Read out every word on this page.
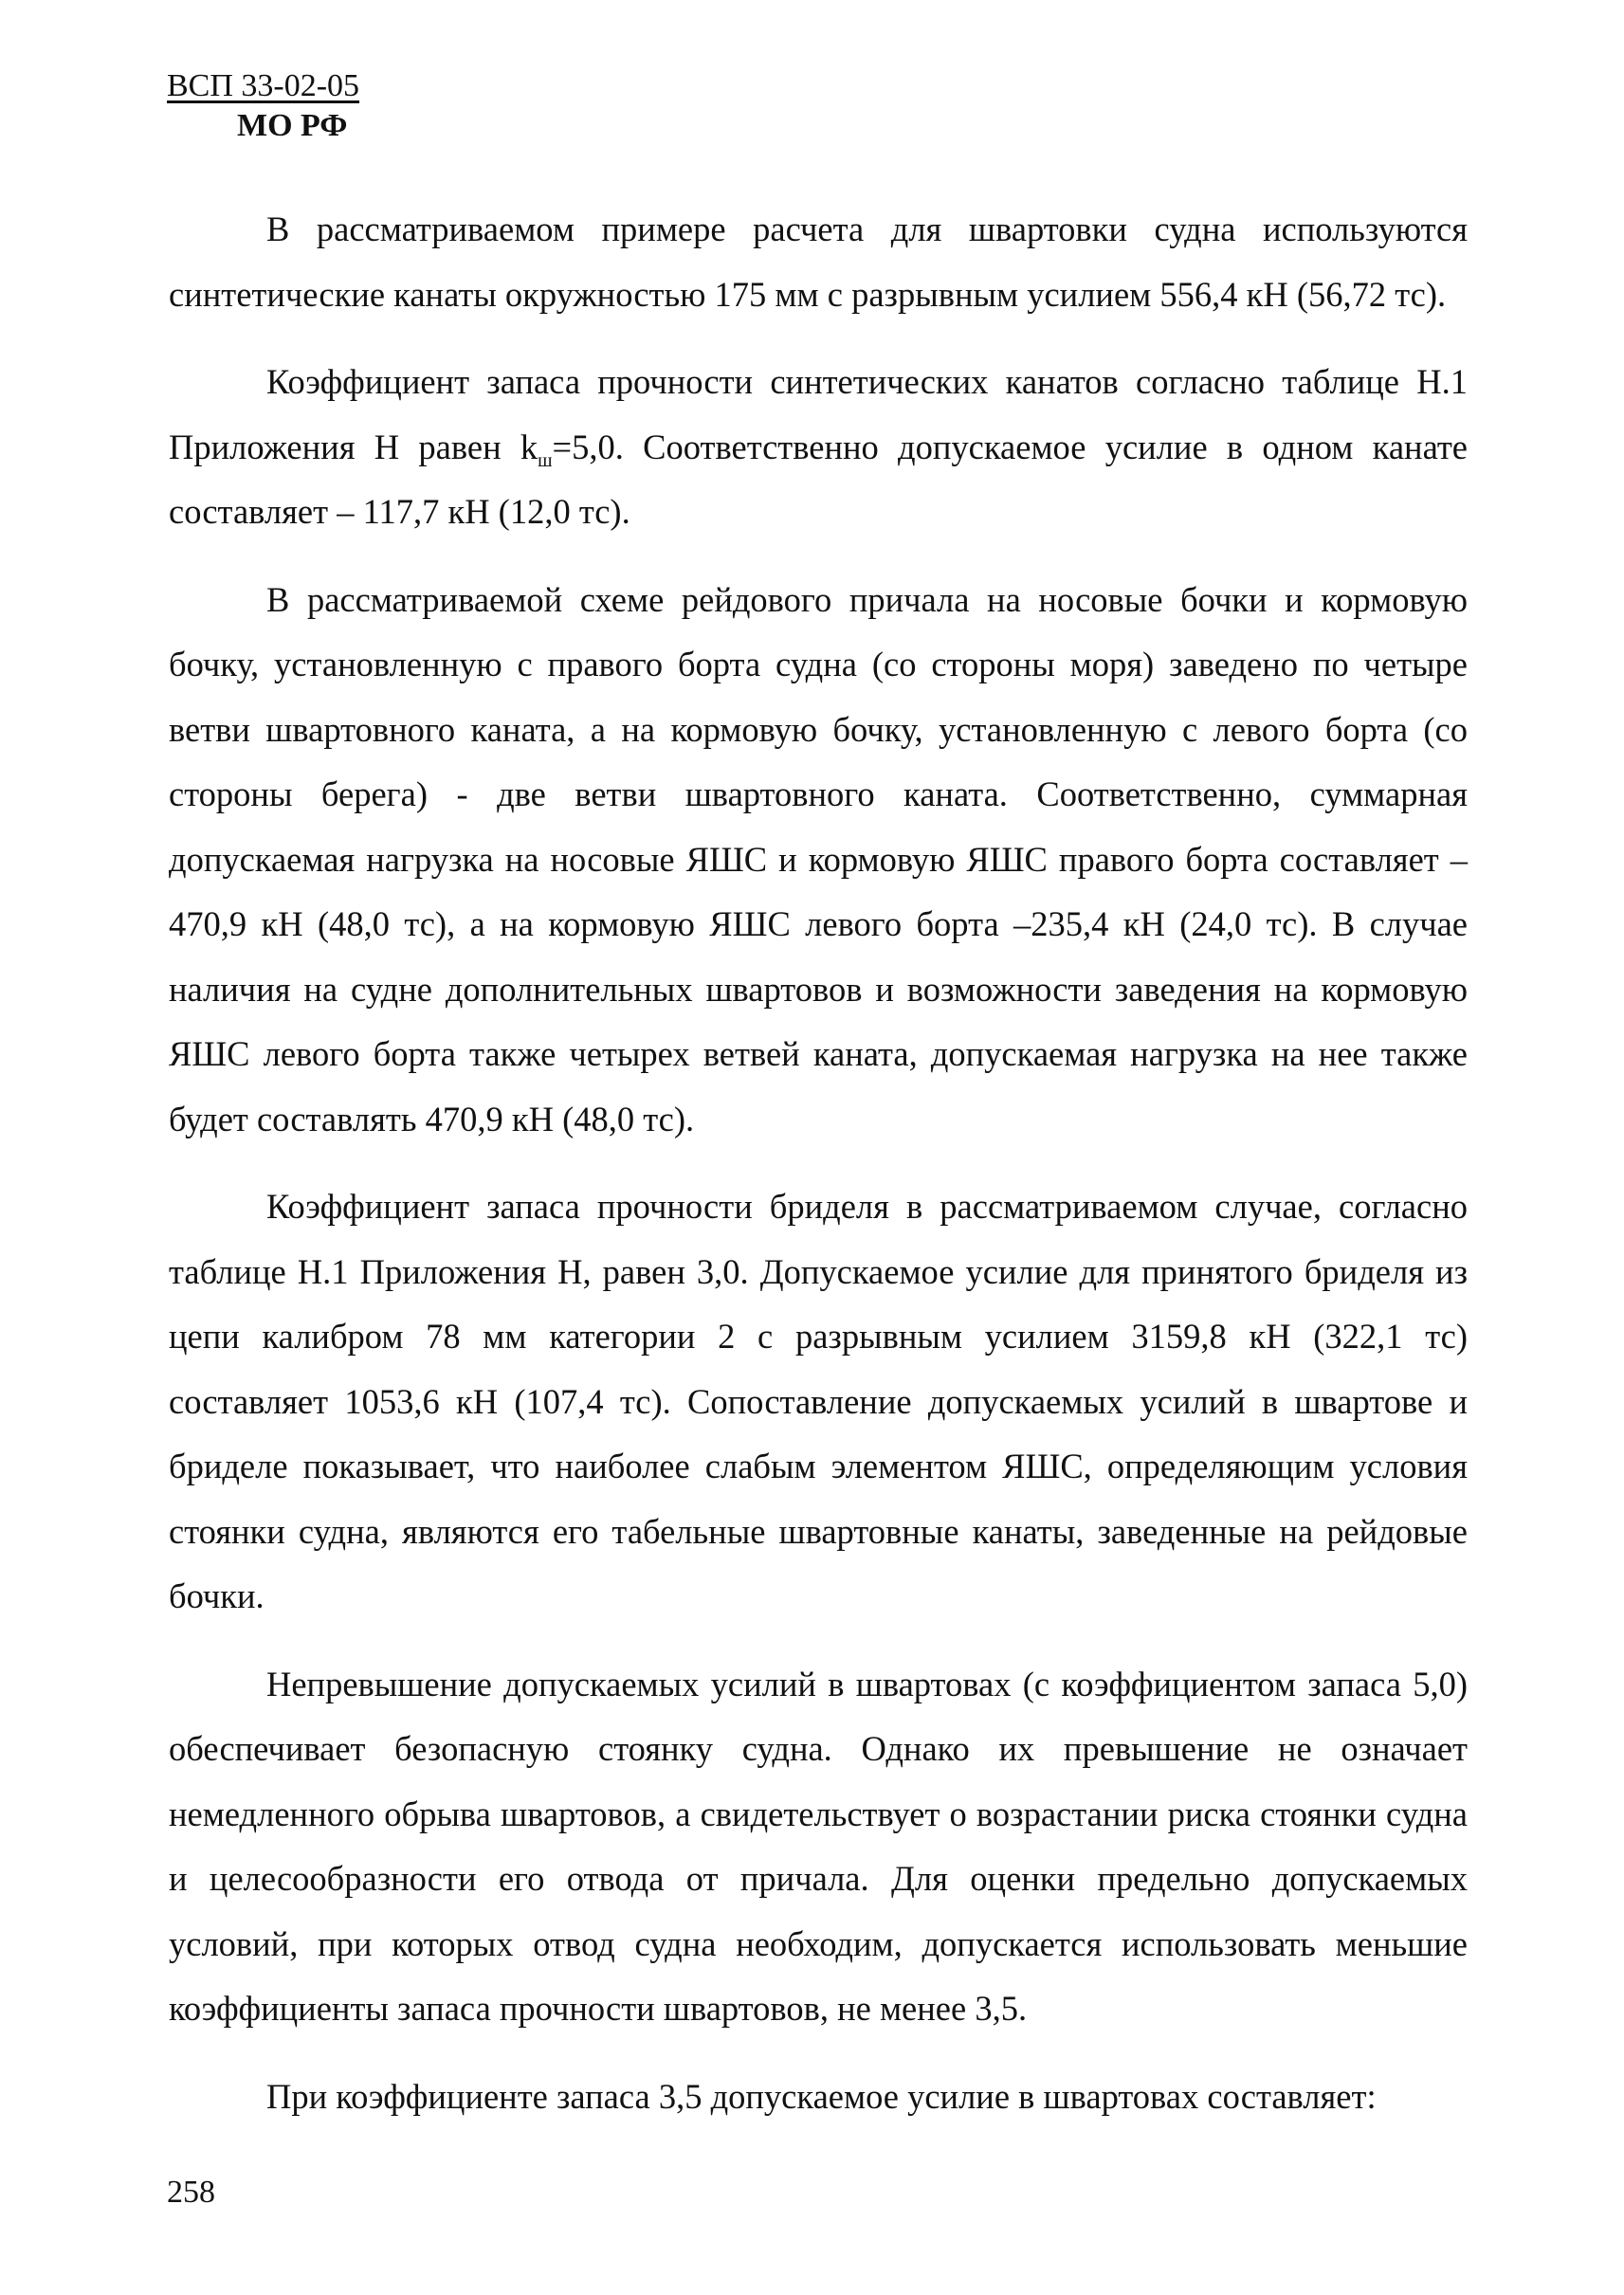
ВСП 33-02-05
МО РФ

В рассматриваемом примере расчета для швартовки судна используются синтетические канаты окружностью 175 мм с разрывным усилием 556,4 кН (56,72 тс).

Коэффициент запаса прочности синтетических канатов согласно таблице Н.1 Приложения Н равен $k_ш=5,0$. Соответственно допускаемое усилие в одном канате составляет – 117,7 кН (12,0 тс).

В рассматриваемой схеме рейдового причала на носовые бочки и кормовую бочку, установленную с правого борта судна (со стороны моря) заведено по четыре ветви швартовного каната, а на кормовую бочку, установленную с левого борта (со стороны берега) - две ветви швартовного каната. Соответственно, суммарная допускаемая нагрузка на носовые ЯШС и кормовую ЯШС правого борта составляет – 470,9 кН (48,0 тс), а на кормовую ЯШС левого борта –235,4 кН (24,0 тс). В случае наличия на судне дополнительных швартовов и возможности заведения на кормовую ЯШС левого борта также четырех ветвей каната, допускаемая нагрузка на нее также будет составлять 470,9 кН (48,0 тс).

Коэффициент запаса прочности бриделя в рассматриваемом случае, согласно таблице Н.1 Приложения Н, равен 3,0. Допускаемое усилие для принятого бриделя из цепи калибром 78 мм категории 2 с разрывным усилием 3159,8 кН (322,1 тс) составляет 1053,6 кН (107,4 тс). Сопоставление допускаемых усилий в швартове и бриделе показывает, что наиболее слабым элементом ЯШС, определяющим условия стоянки судна, являются его табельные швартовные канаты, заведенные на рейдовые бочки.

Непревышение допускаемых усилий в швартовах (с коэффициентом запаса 5,0) обеспечивает безопасную стоянку судна. Однако их превышение не означает немедленного обрыва швартовов, а свидетельствует о возрастании риска стоянки судна и целесообразности его отвода от причала. Для оценки предельно допускаемых условий, при которых отвод судна необходим, допускается использовать меньшие коэффициенты запаса прочности швартовов, не менее 3,5.

При коэффициенте запаса 3,5 допускаемое усилие в швартовах составляет:

258
